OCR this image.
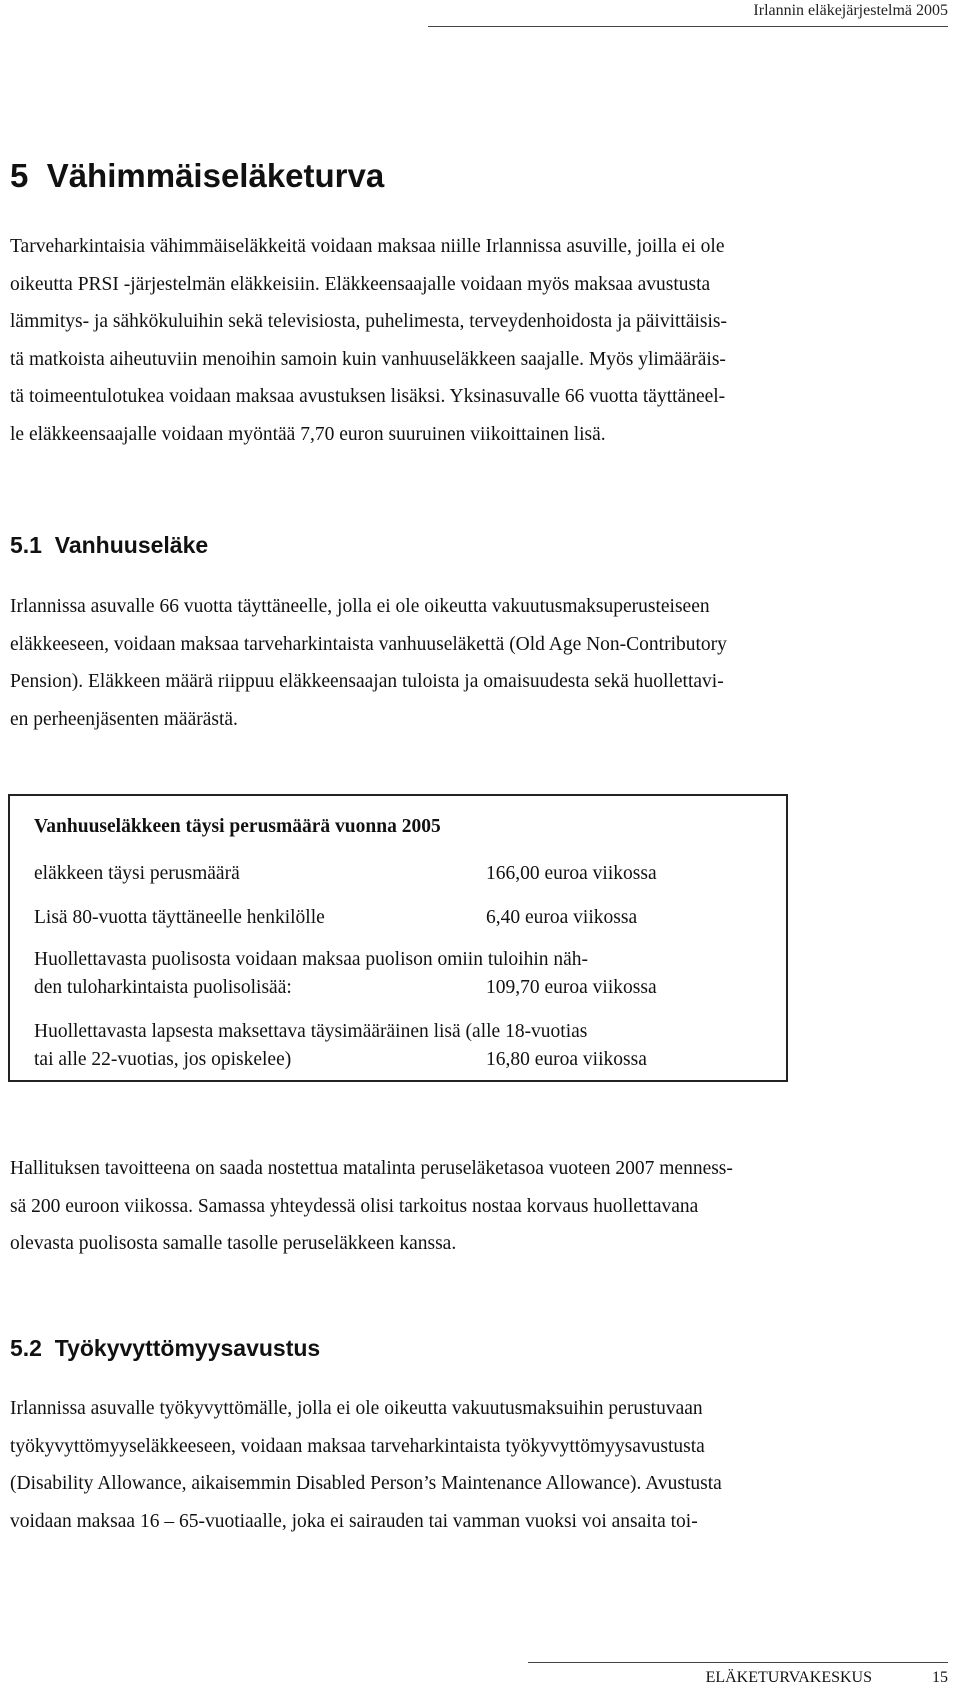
Irlannin eläkejärjestelmä 2005
5  Vähimmäiseläketurva
Tarveharkintaisia vähimmäiseläkkeitä voidaan maksaa niille Irlannissa asuville, joilla ei ole
oikeutta PRSI -järjestelmän eläkkeisiin. Eläkkeensaajalle voidaan myös maksaa avustusta
lämmitys- ja sähkökuluihin sekä televisiosta, puhelimesta, terveydenhoidosta ja päivittäisis-
tä matkoista aiheutuviin menoihin samoin kuin vanhuuseläkkeen saajalle. Myös ylimääräis-
tä toimeentulotukea voidaan maksaa avustuksen lisäksi. Yksinasuvalle 66 vuotta täyttäneel-
le eläkkeensaajalle voidaan myöntää 7,70 euron suuruinen viikoittainen lisä.
5.1  Vanhuuseläke
Irlannissa asuvalle 66 vuotta täyttäneelle, jolla ei ole oikeutta vakuutusmaksuperusteiseen
eläkkeeseen, voidaan maksaa tarveharkintaista vanhuuseläkettä (Old Age Non-Contributory
Pension). Eläkkeen määrä riippuu eläkkeensaajan tuloista ja omaisuudesta sekä huollettavi-
en perheenjäsenten määrästä.
Vanhuuseläkkeen täysi perusmäärä vuonna 2005
eläkkeen täysi perusmäärä	166,00 euroa viikossa
Lisä 80-vuotta täyttäneelle henkilölle	6,40 euroa viikossa
Huollettavasta puolisosta voidaan maksaa puolison omiin tuloihin näh-
den tuloharkintaista puolisolisää:	109,70 euroa viikossa
Huollettavasta lapsesta maksettava täysimääräinen lisä (alle 18-vuotias
tai alle 22-vuotias, jos opiskelee)	16,80 euroa viikossa
Hallituksen tavoitteena on saada nostettua matalinta peruseläketasoa vuoteen 2007 menness-
sä 200 euroon viikossa. Samassa yhteydessä olisi tarkoitus nostaa korvaus huollettavana
olevasta puolisosta samalle tasolle peruseläkkeen kanssa.
5.2  Työkyvyttömyysavustus
Irlannissa asuvalle työkyvyttömälle, jolla ei ole oikeutta vakuutusmaksuihin perustuvaan
työkyvyttömyyseläkkeeseen, voidaan maksaa tarveharkintaista työkyvyttömyysavustusta
(Disability Allowance, aikaisemmin Disabled Person’s Maintenance Allowance). Avustusta
voidaan maksaa 16 – 65-vuotiaalle, joka ei sairauden tai vamman vuoksi voi ansaita toi-
ELÄKETURVAKESKUS	15
